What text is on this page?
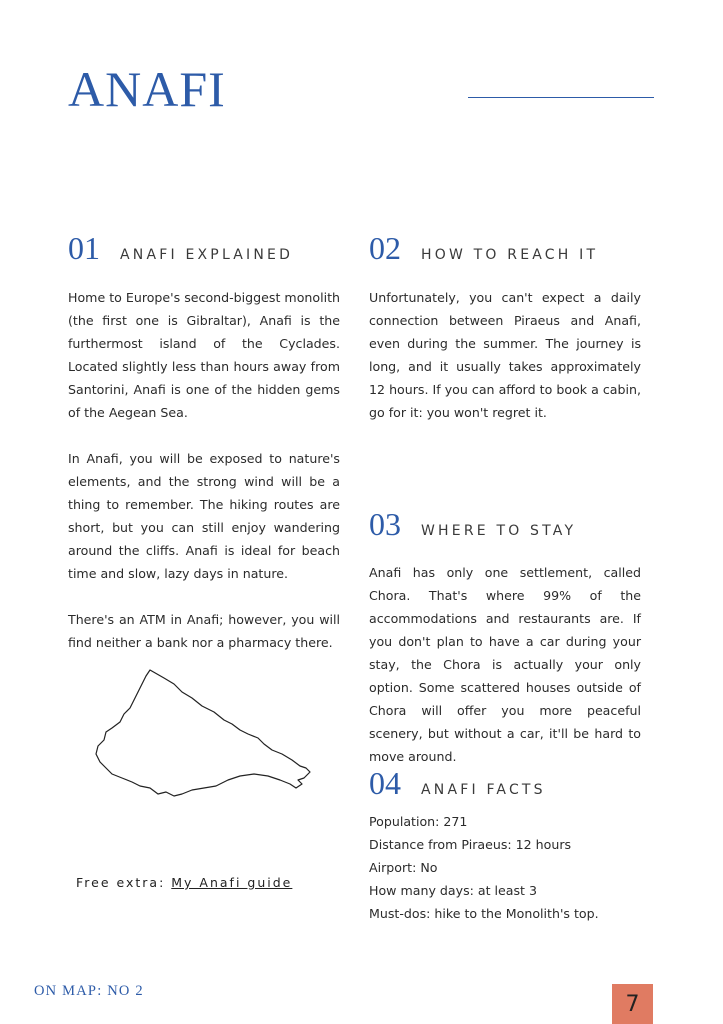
ANAFI
01 ANAFI EXPLAINED

Home to Europe's second-biggest monolith (the first one is Gibraltar), Anafi is the furthermost island of the Cyclades. Located slightly less than hours away from Santorini, Anafi is one of the hidden gems of the Aegean Sea.

In Anafi, you will be exposed to nature's elements, and the strong wind will be a thing to remember. The hiking routes are short, but you can still enjoy wandering around the cliffs. Anafi is ideal for beach time and slow, lazy days in nature.

There's an ATM in Anafi; however, you will find neither a bank nor a pharmacy there.

02 HOW TO REACH IT

Unfortunately, you can't expect a daily connection between Piraeus and Anafi, even during the summer. The journey is long, and it usually takes approximately 12 hours. If you can afford to book a cabin, go for it: you won't regret it.

03 WHERE TO STAY

Anafi has only one settlement, called Chora. That's where 99% of the accommodations and restaurants are. If you don't plan to have a car during your stay, the Chora is actually your only option. Some scattered houses outside of Chora will offer you more peaceful scenery, but without a car, it'll be hard to move around.

04 ANAFI FACTS
Population: 271
Distance from Piraeus: 12 hours
Airport: No
How many days: at least 3
Must-dos: hike to the Monolith's top.
Free extra: My Anafi guide
ON MAP: NO 2
7
